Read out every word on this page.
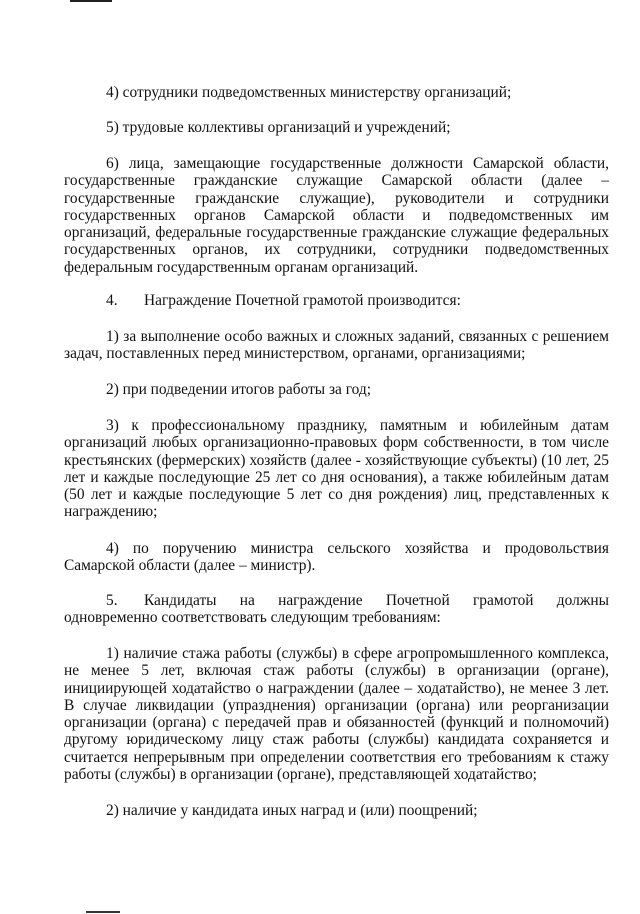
4) сотрудники подведомственных министерству организаций;

5) трудовые коллективы организаций и учреждений;

6) лица, замещающие государственные должности Самарской области, государственные гражданские служащие Самарской области (далее – государственные гражданские служащие), руководители и сотрудники государственных органов Самарской области и подведомственных им организаций, федеральные государственные гражданские служащие федеральных государственных органов, их сотрудники, сотрудники подведомственных федеральным государственным органам организаций.

4. Награждение Почетной грамотой производится:

1) за выполнение особо важных и сложных заданий, связанных с решением задач, поставленных перед министерством, органами, организациями;

2) при подведении итогов работы за год;

3) к профессиональному празднику, памятным и юбилейным датам организаций любых организационно-правовых форм собственности, в том числе крестьянских (фермерских) хозяйств (далее - хозяйствующие субъекты) (10 лет, 25 лет и каждые последующие 25 лет со дня основания), а также юбилейным датам (50 лет и каждые последующие 5 лет со дня рождения) лиц, представленных к награждению;

4) по поручению министра сельского хозяйства и продовольствия Самарской области (далее – министр).

5. Кандидаты на награждение Почетной грамотой должны одновременно соответствовать следующим требованиям:

1) наличие стажа работы (службы) в сфере агропромышленного комплекса, не менее 5 лет, включая стаж работы (службы) в организации (органе), инициирующей ходатайство о награждении (далее – ходатайство), не менее 3 лет. В случае ликвидации (упразднения) организации (органа) или реорганизации организации (органа) с передачей прав и обязанностей (функций и полномочий) другому юридическому лицу стаж работы (службы) кандидата сохраняется и считается непрерывным при определении соответствия его требованиям к стажу работы (службы) в организации (органе), представляющей ходатайство;

2) наличие у кандидата иных наград и (или) поощрений;
